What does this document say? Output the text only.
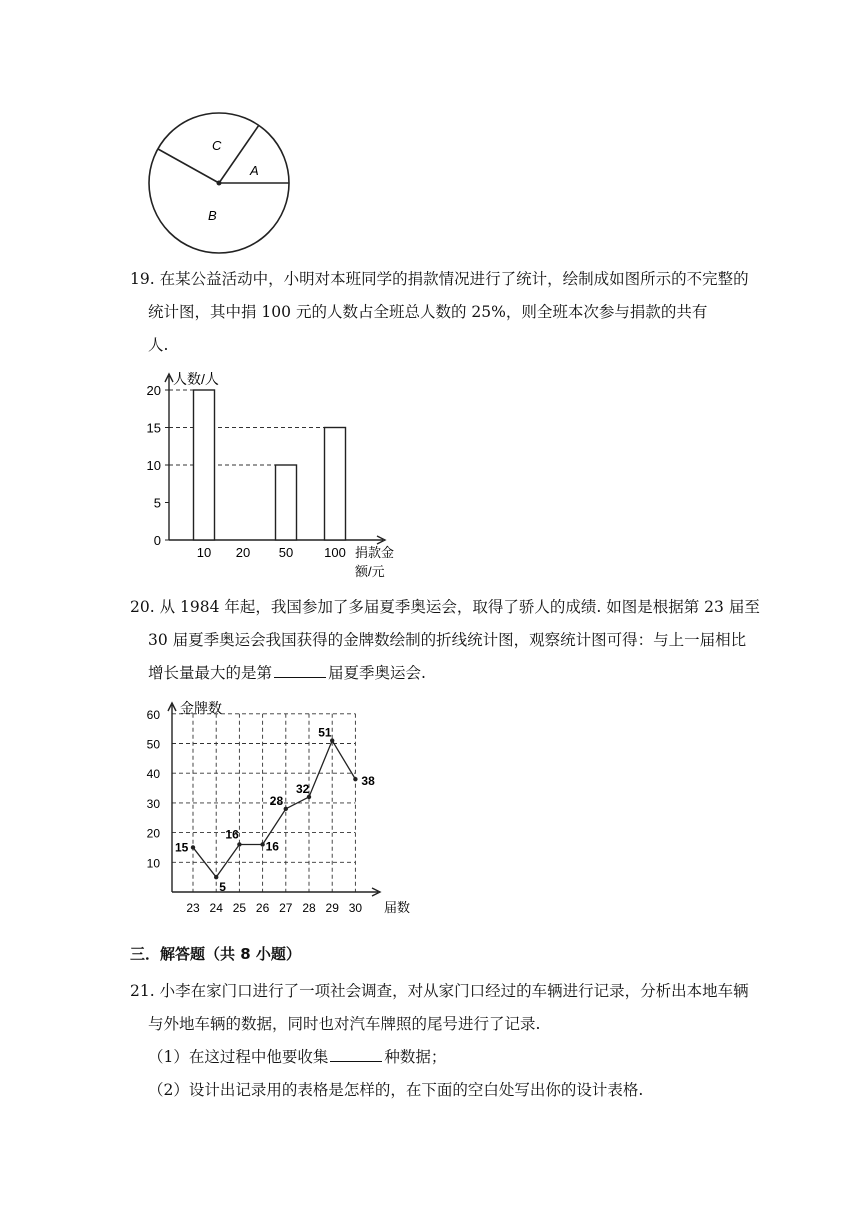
C
A
B
19. 在某公益活动中，小明对本班同学的捐款情况进行了统计，绘制成如图所示的不完整的
统计图，其中捐 100 元的人数占全班总人数的 25%，则全班本次参与捐款的共有
人.
0
5
10
15
20
10 20 50 100
人数/人
捐款金
额/元
20. 从 1984 年起，我国参加了多届夏季奥运会，取得了骄人的成绩. 如图是根据第 23 届至
30 届夏季奥运会我国获得的金牌数绘制的折线统计图，观察统计图可得：与上一届相比
增长量最大的是第	届夏季奥运会.
10
20
30
40
50
60
23 24 25 26 27 28 29 30
15
5
16
16
28
32
51
38
金牌数
届数
三．解答题（共 8 小题）
21. 小李在家门口进行了一项社会调查，对从家门口经过的车辆进行记录，分析出本地车辆
与外地车辆的数据，同时也对汽车牌照的尾号进行了记录.
（1）在这过程中他要收集	种数据；
（2）设计出记录用的表格是怎样的，在下面的空白处写出你的设计表格.
